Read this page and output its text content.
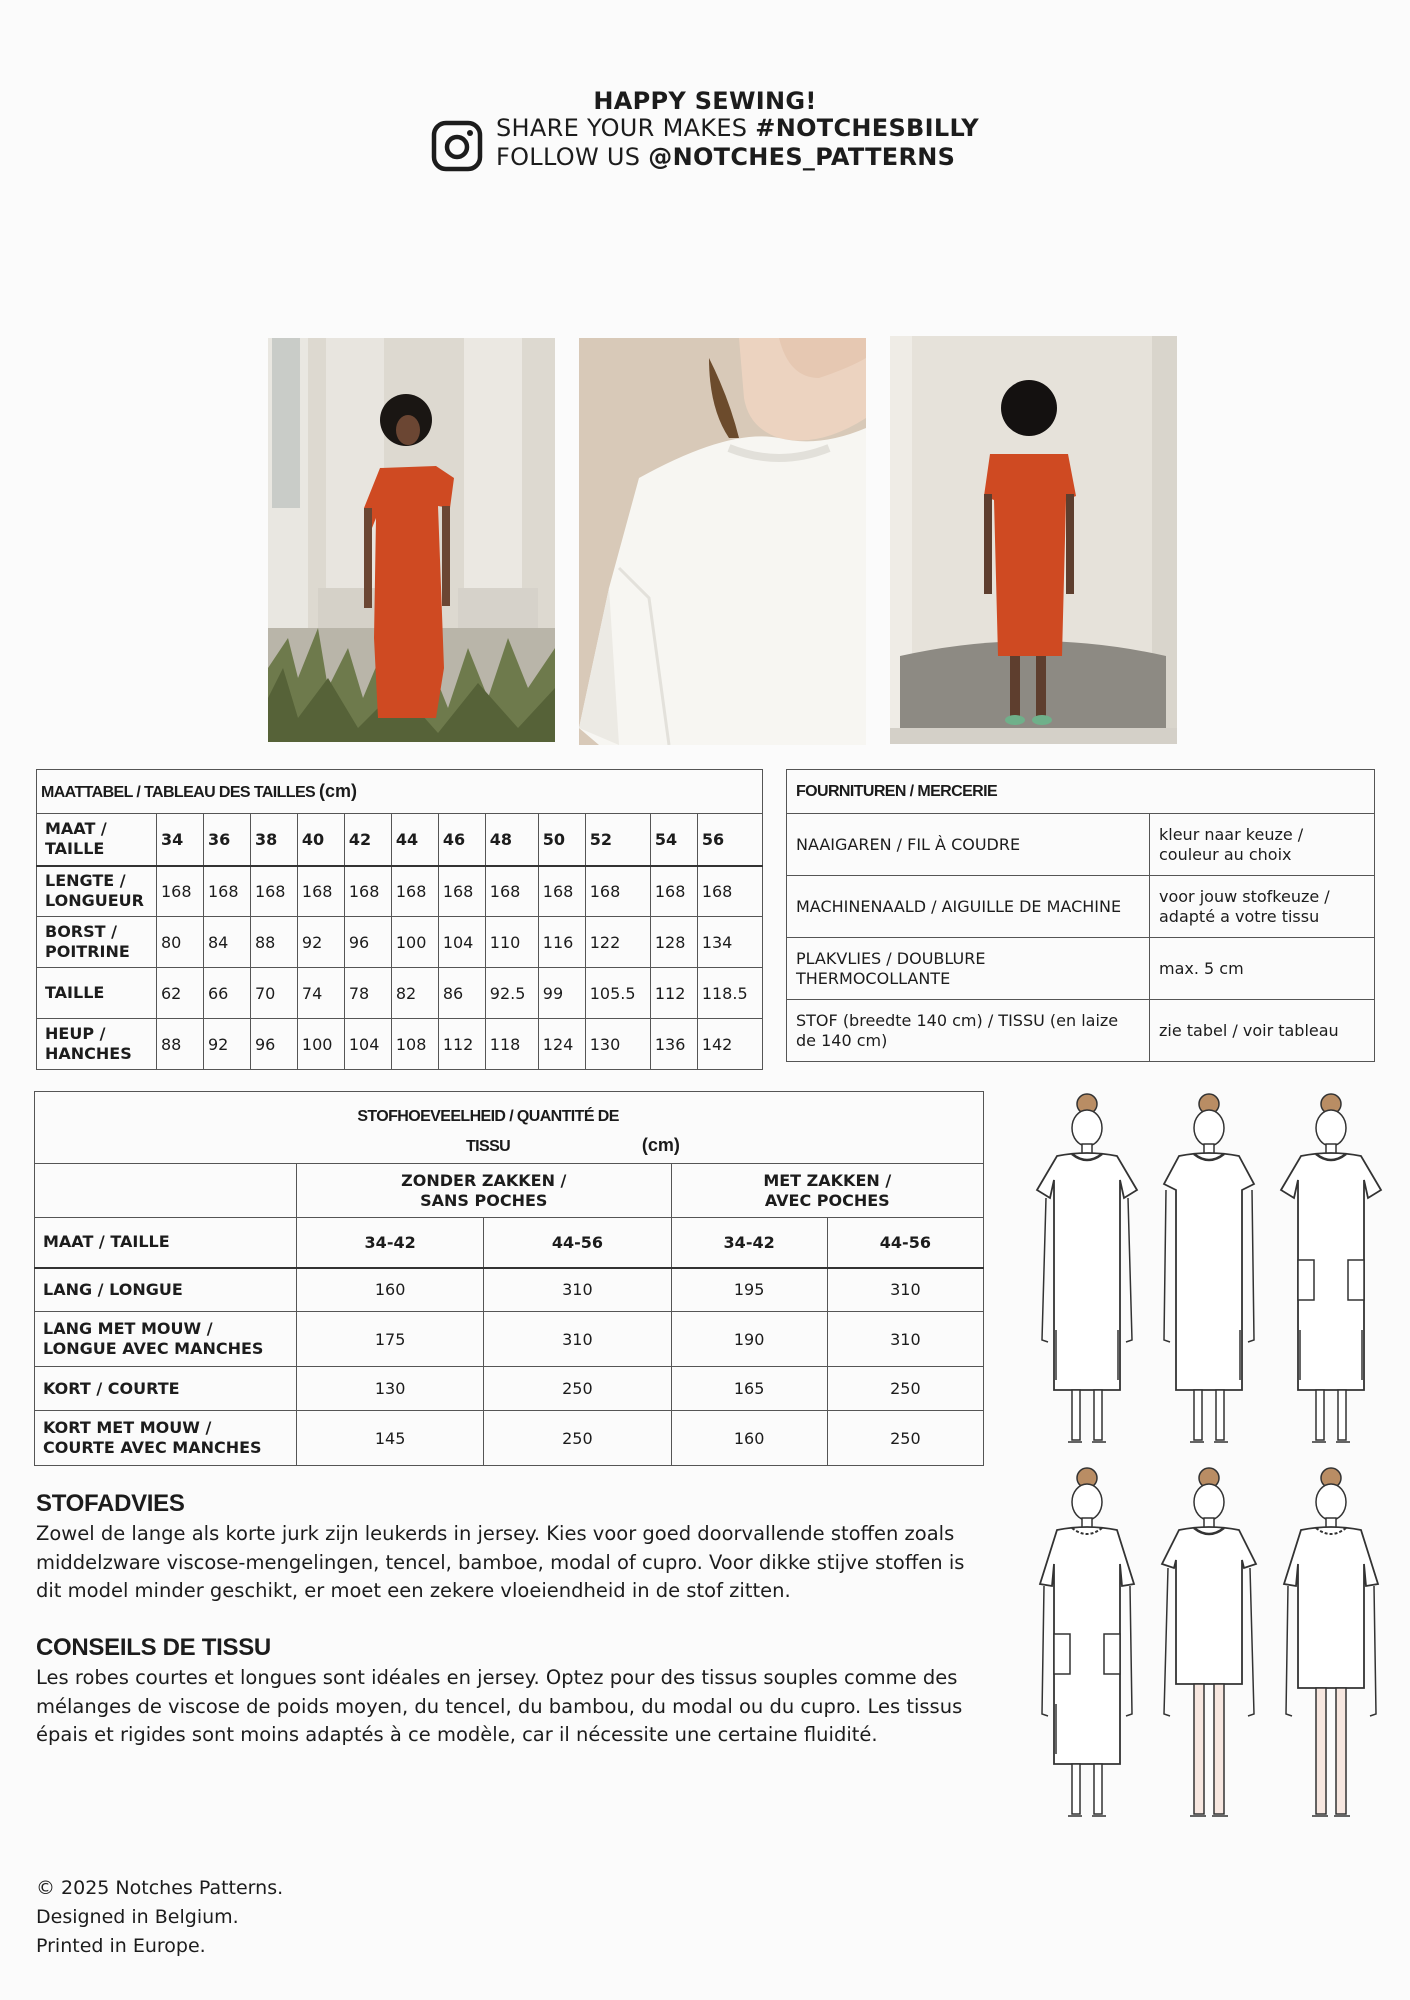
HAPPY SEWING!
SHARE YOUR MAKES #NOTCHESBILLY
FOLLOW US @NOTCHES_PATTERNS
MAATTABEL / TABLEAU DES TAILLES (cm)												
MAAT / TAILLE	34	36	38	40	42	44	46	48	50	52	54	56
LENGTE / LONGUEUR	168	168	168	168	168	168	168	168	168	168	168	168
BORST / POITRINE	80	84	88	92	96	100	104	110	116	122	128	134
TAILLE	62	66	70	74	78	82	86	92.5	99	105.5	112	118.5
HEUP / HANCHES	88	92	96	100	104	108	112	118	124	130	136	142
FOURNITUREN / MERCERIE	
NAAIGAREN / FIL À COUDRE	kleur naar keuze / couleur au choix
MACHINENAALD / AIGUILLE DE MACHINE	voor jouw stofkeuze / adapté a votre tissu
PLAKVLIES / DOUBLURE THERMOCOLLANTE	max. 5 cm
STOF (breedte 140 cm) / TISSU (en laize de 140 cm)	zie tabel / voir tableau
STOFHOEVEELHEID / QUANTITÉ DE TISSU (cm)				
	ZONDER ZAKKEN / SANS POCHES		MET ZAKKEN / AVEC POCHES	
MAAT / TAILLE	34-42	44-56	34-42	44-56
LANG / LONGUE	160	310	195	310
LANG MET MOUW / LONGUE AVEC MANCHES	175	310	190	310
KORT / COURTE	130	250	165	250
KORT MET MOUW / COURTE AVEC MANCHES	145	250	160	250
STOFADVIES

Zowel de lange als korte jurk zijn leukerds in jersey. Kies voor goed doorvallende stoffen zoals middelzware viscose-mengelingen, tencel, bamboe, modal of cupro. Voor dikke stijve stoffen is dit model minder geschikt, er moet een zekere vloeiendheid in de stof zitten.

CONSEILS DE TISSU

Les robes courtes et longues sont idéales en jersey. Optez pour des tissus souples comme des mélanges de viscose de poids moyen, du tencel, du bambou, du modal ou du cupro. Les tissus épais et rigides sont moins adaptés à ce modèle, car il nécessite une certaine fluidité.

© 2025 Notches Patterns.
Designed in Belgium.
Printed in Europe.
